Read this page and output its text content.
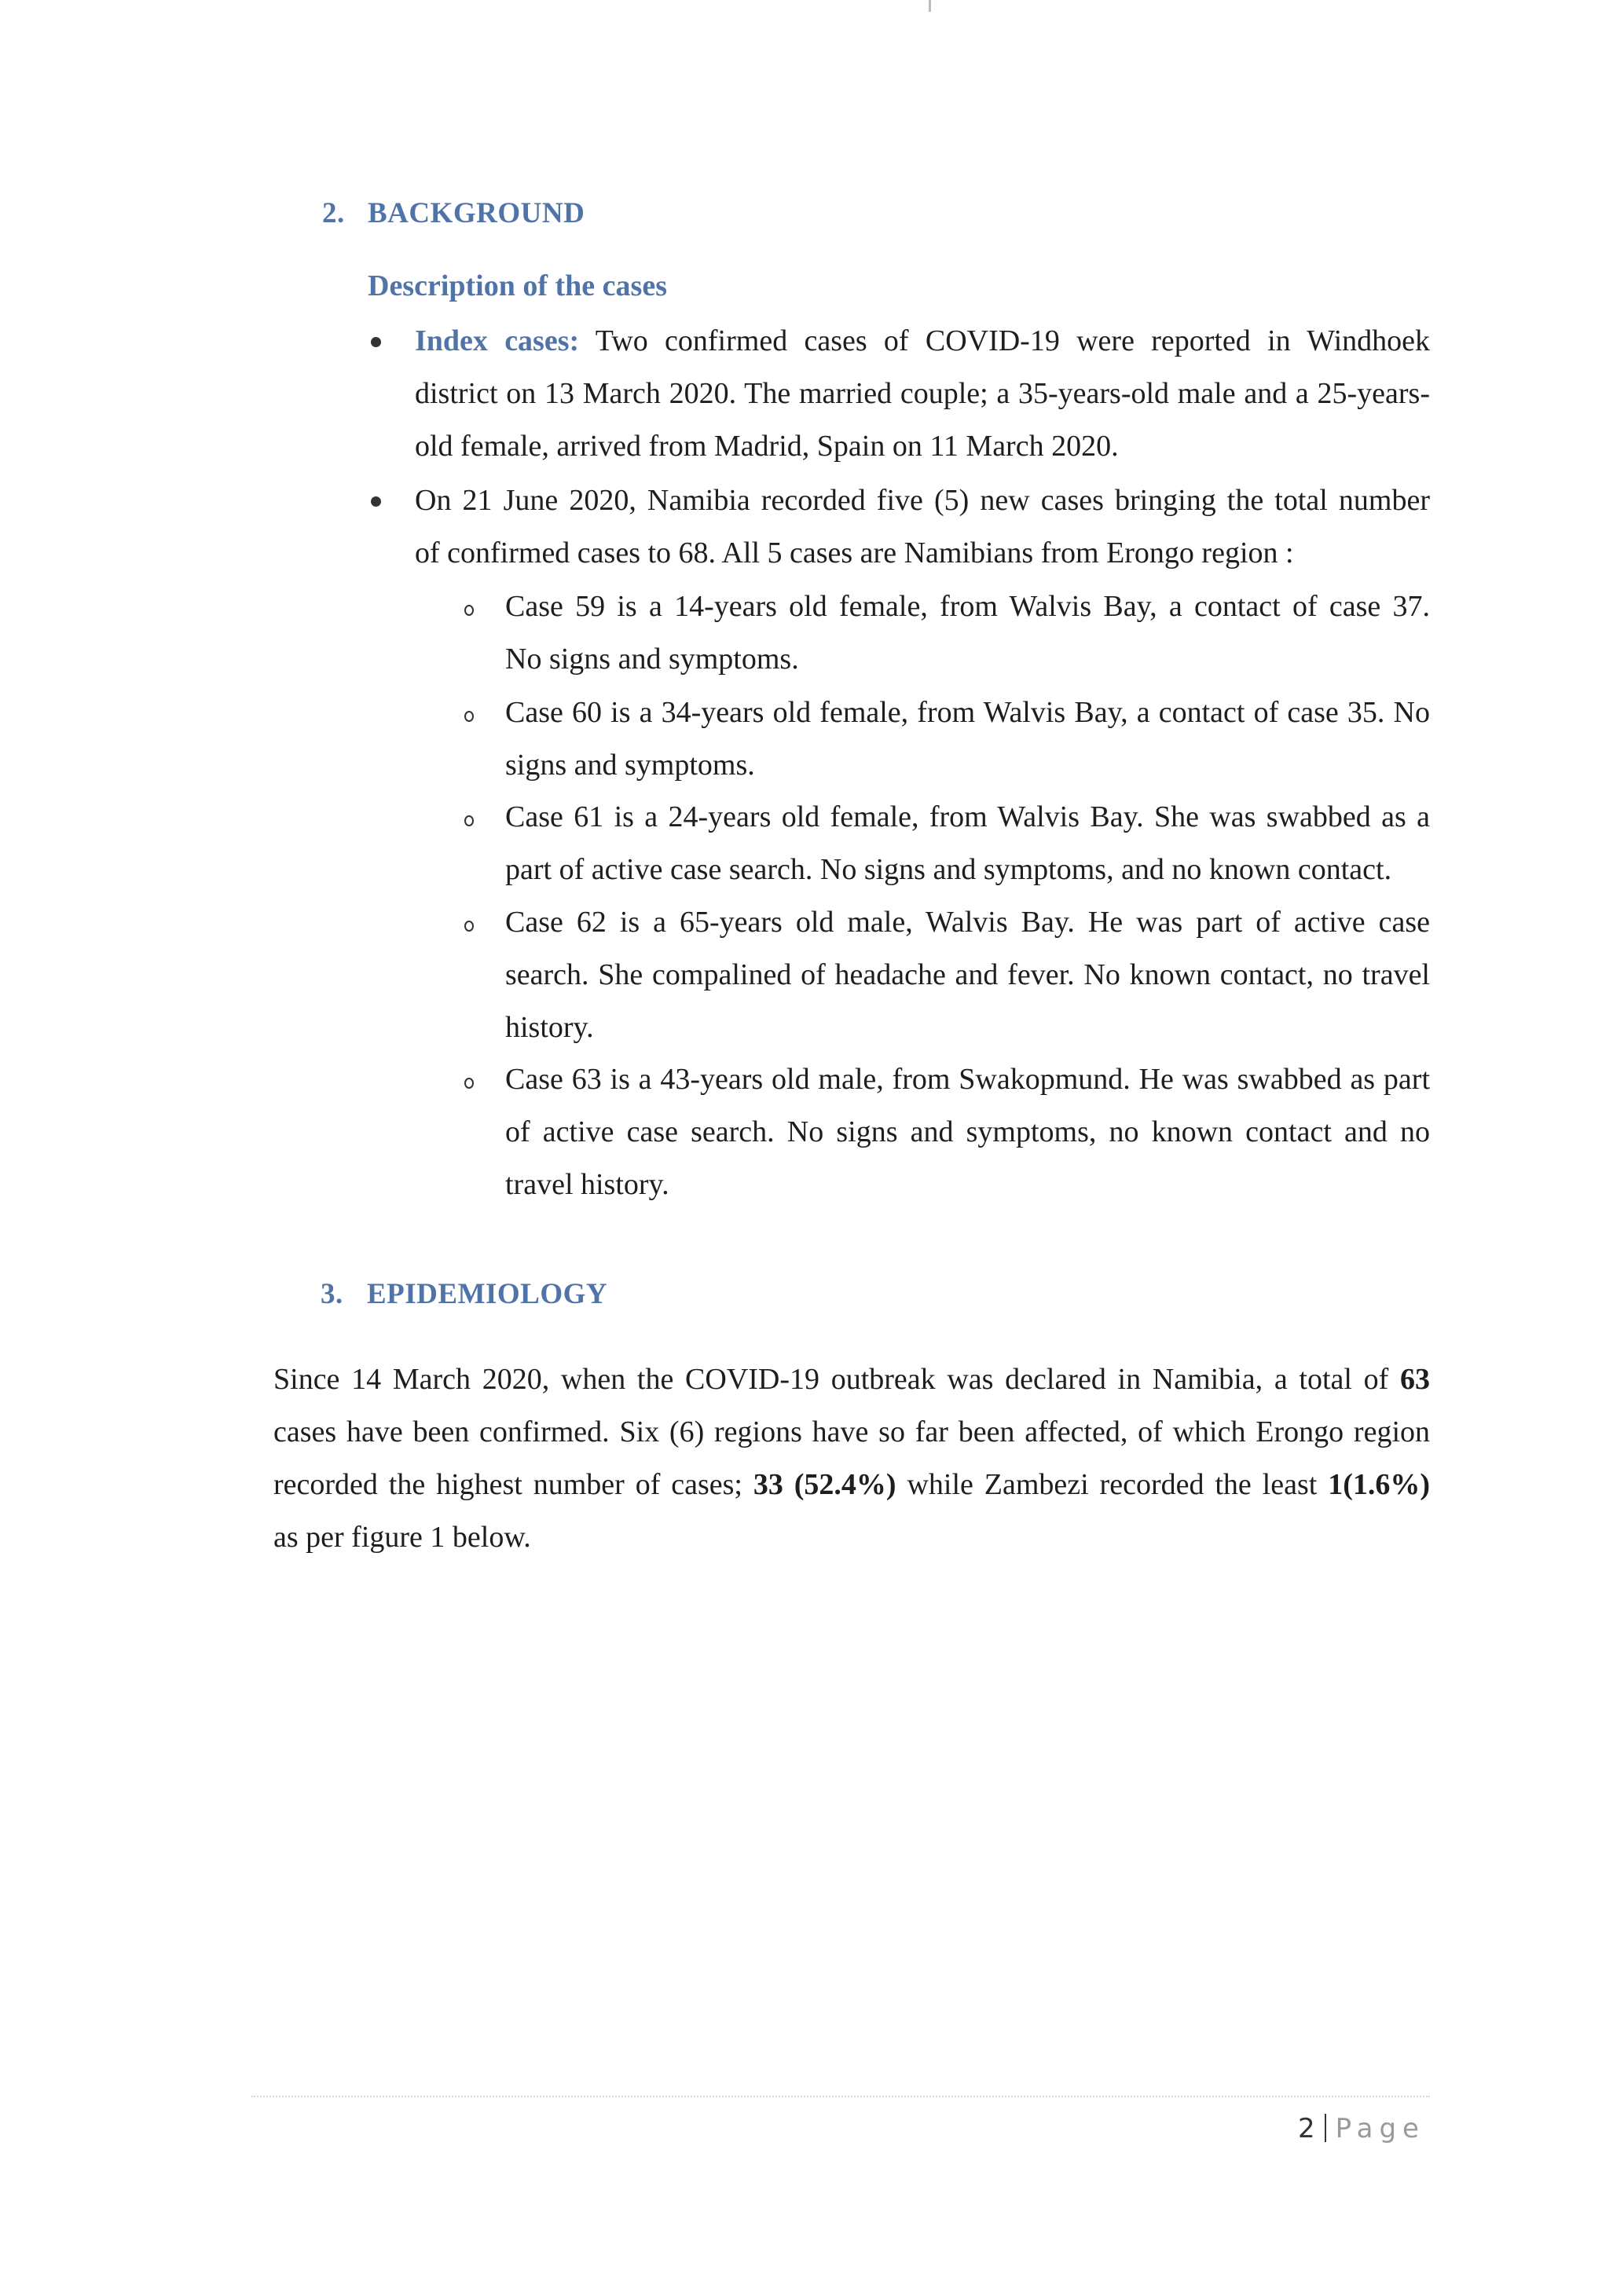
2. BACKGROUND
Description of the cases
Index cases: Two confirmed cases of COVID-19 were reported in Windhoek
district on 13 March 2020. The married couple; a 35-years-old male and a 25-years-
old female, arrived from Madrid, Spain on 11 March 2020.
On 21 June 2020, Namibia recorded five (5) new cases bringing the total number
of confirmed cases to 68. All 5 cases are Namibians from Erongo region :
Case 59 is a 14-years old female, from Walvis Bay, a contact of case 37.
No signs and symptoms.
Case 60 is a 34-years old female, from Walvis Bay, a contact of case 35. No
signs and symptoms.
Case 61 is a 24-years old female, from Walvis Bay. She was swabbed as a
part of active case search. No signs and symptoms, and no known contact.
Case 62 is a 65-years old male, Walvis Bay. He was part of active case
search. She compalined of headache and fever. No known contact, no travel
history.
Case 63 is a 43-years old male, from Swakopmund. He was swabbed as part
of active case search. No signs and symptoms, no known contact and no
travel history.
3. EPIDEMIOLOGY
Since 14 March 2020, when the COVID-19 outbreak was declared in Namibia, a total of 63
cases have been confirmed. Six (6) regions have so far been affected, of which Erongo region
recorded the highest number of cases; 33 (52.4%) while Zambezi recorded the least 1(1.6%)
as per figure 1 below.
2 Page
